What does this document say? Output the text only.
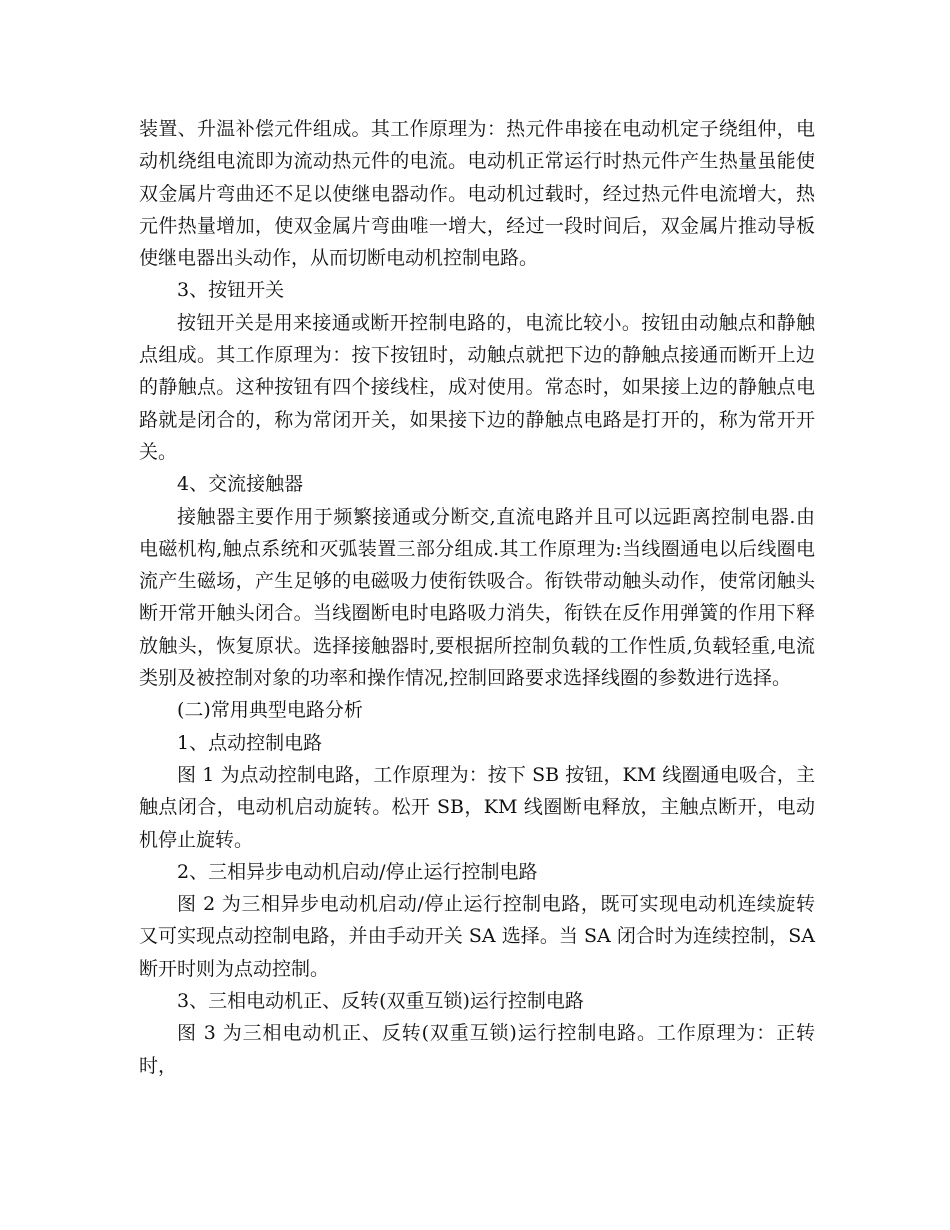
装置、升温补偿元件组成。其工作原理为：热元件串接在电动机定子绕组仲，电动机绕组电流即为流动热元件的电流。电动机正常运行时热元件产生热量虽能使双金属片弯曲还不足以使继电器动作。电动机过载时，经过热元件电流增大，热元件热量增加，使双金属片弯曲唯一增大，经过一段时间后，双金属片推动导板使继电器出头动作，从而切断电动机控制电路。

3、按钮开关

按钮开关是用来接通或断开控制电路的，电流比较小。按钮由动触点和静触点组成。其工作原理为：按下按钮时，动触点就把下边的静触点接通而断开上边的静触点。这种按钮有四个接线柱，成对使用。常态时，如果接上边的静触点电路就是闭合的，称为常闭开关，如果接下边的静触点电路是打开的，称为常开开关。

4、交流接触器

接触器主要作用于频繁接通或分断交,直流电路并且可以远距离控制电器.由电磁机构,触点系统和灭弧装置三部分组成.其工作原理为:当线圈通电以后线圈电流产生磁场，产生足够的电磁吸力使衔铁吸合。衔铁带动触头动作，使常闭触头断开常开触头闭合。当线圈断电时电路吸力消失，衔铁在反作用弹簧的作用下释放触头，恢复原状。选择接触器时,要根据所控制负载的工作性质,负载轻重,电流类别及被控制对象的功率和操作情况,控制回路要求选择线圈的参数进行选择。

(二)常用典型电路分析

1、点动控制电路

图 1 为点动控制电路，工作原理为：按下 SB 按钮，KM 线圈通电吸合，主触点闭合，电动机启动旋转。松开 SB，KM 线圈断电释放，主触点断开，电动机停止旋转。

2、三相异步电动机启动/停止运行控制电路

图 2 为三相异步电动机启动/停止运行控制电路，既可实现电动机连续旋转又可实现点动控制电路，并由手动开关 SA 选择。当 SA 闭合时为连续控制，SA 断开时则为点动控制。

3、三相电动机正、反转(双重互锁)运行控制电路

图 3 为三相电动机正、反转(双重互锁)运行控制电路。工作原理为：正转时，
